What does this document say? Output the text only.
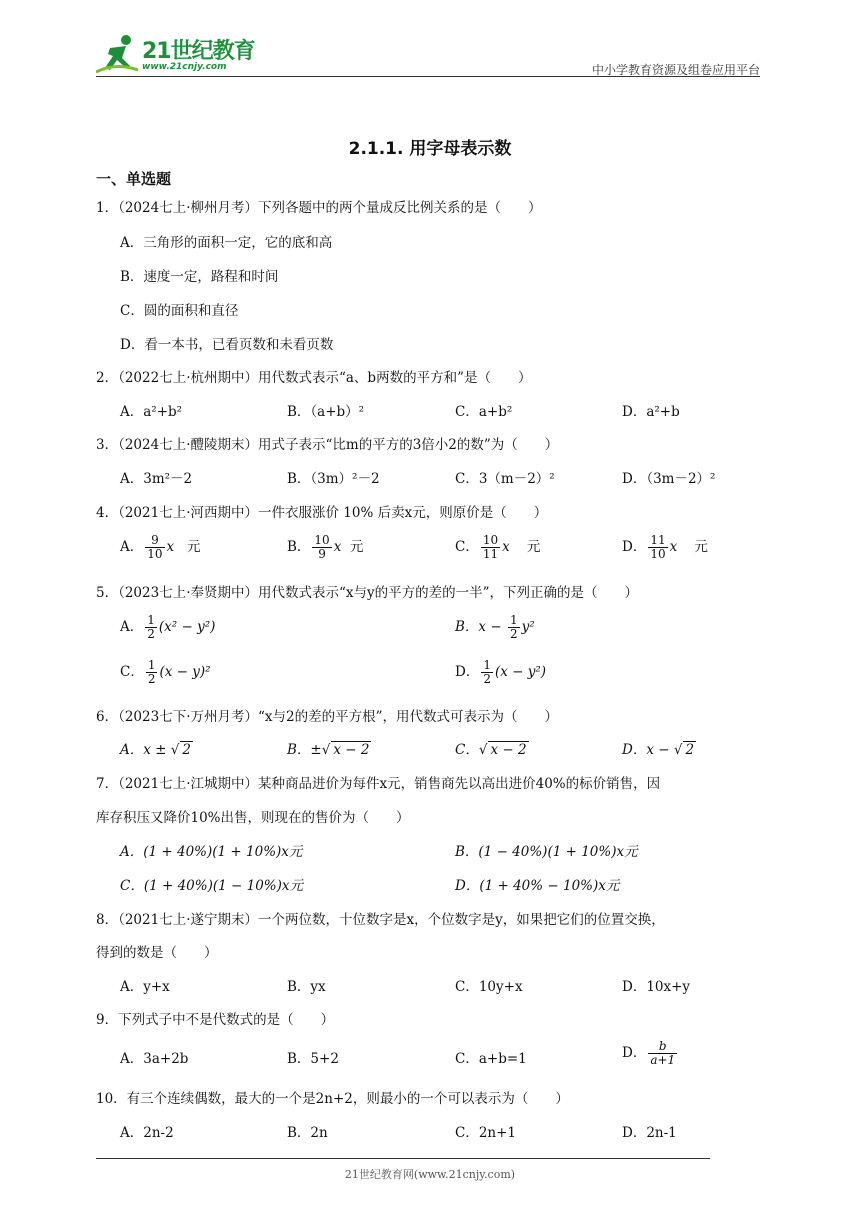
21世纪教育
www.21cnjy.com	中小学教育资源及组卷应用平台
2.1.1. 用字母表示数
一、单选题
1．（2024七上·柳州月考）下列各题中的两个量成反比例关系的是（　　）
A．三角形的面积一定，它的底和高
B．速度一定，路程和时间
C．圆的面积和直径
D．看一本书，已看页数和未看页数
2．（2022七上·杭州期中）用代数式表示“a、b两数的平方和”是（　　）
A．a²+b²	B．（a+b）²	C．a+b²	D．a²+b
3．（2024七上·醴陵期末）用式子表示“比m的平方的3倍小2的数”为（　　）
A．3m²－2	B．（3m）²－2	C．3（m－2）²	D．（3m－2）²
4．（2021七上·河西期中）一件衣服涨价 10% 后卖x元，则原价是（　　）
A． $\frac{9}{10}$ x 元	B． $\frac{10}{9}$ x 元	C． $\frac{10}{11}$ x 元	D． $\frac{11}{10}$ x 元
5．（2023七上·奉贤期中）用代数式表示“x与y的平方的差的一半”，下列正确的是（　　）
A． $\frac{1}{2} (x^2 - y^2)$	B．$x - \frac{1}{2} y^2$
C． $\frac{1}{2} (x - y)^2$	D． $\frac{1}{2} (x - y^2)$
6．（2023七下·万州月考）“x与2的差的平方根”，用代数式可表示为（　　）
A．x ± √ 2	B．±√ x − 2	C．√ x − 2	D．x − √ 2
7．（2021七上·江城期中）某种商品进价为每件x元，销售商先以高出进价40%的标价销售，因
库存积压又降价10%出售，则现在的售价为（　　）
A．(1 + 40%)(1 + 10%)x元	B．(1 − 40%)(1 + 10%)x元
C．(1 + 40%)(1 − 10%)x元	D．(1 + 40% − 10%)x元
8．（2021七上·遂宁期末）一个两位数，十位数字是x，个位数字是y，如果把它们的位置交换，
得到的数是（　　）
A．y+x	B．yx	C．10y+x	D．10x+y
9．下列式子中不是代数式的是（　　）
A．3a+2b	B．5+2	C．a+b=1	D． $\frac{b}{a+1}$
10．有三个连续偶数，最大的一个是2n+2，则最小的一个可以表示为（　　）
A．2n-2	B．2n	C．2n+1	D．2n-1
21世纪教育网(www.21cnjy.com)
